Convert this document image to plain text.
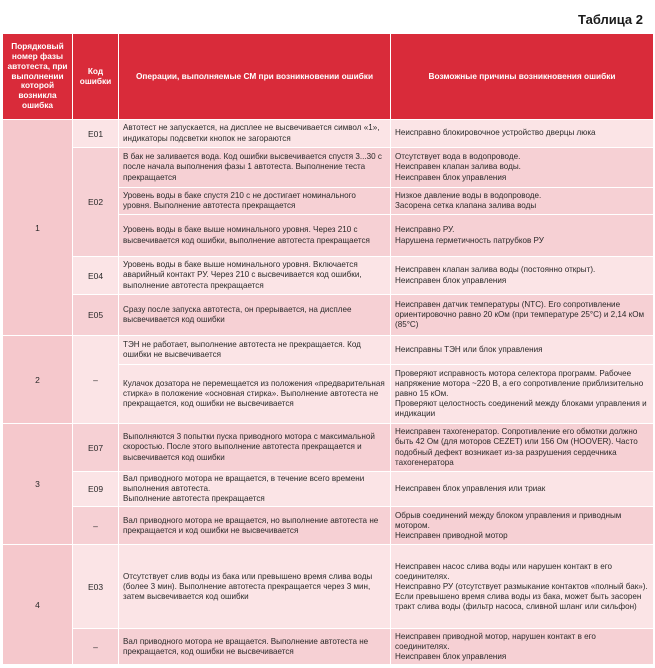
Таблица 2
Порядковый номер фазы автотеста, при выполнении которой возникла ошибка	Код ошибки	Операции, выполняемые СМ при возникновении ошибки	Возможные причины возникновения ошибки
1	E01	Автотест не запускается, на дисплее не высвечивается символ «1», индикаторы подсветки кнопок не загораются	Неисправно блокировочное устройство дверцы люка

	E02	В бак не заливается вода. Код ошибки высвечивается спустя 3...30 с после начала выполнения фазы 1 автотеста. Выполнение теста прекращается	Отсутствует вода в водопроводе.
Неисправен клапан залива воды.
Неисправен блок управления

		Уровень воды в баке спустя 210 с не достигает номинального уровня. Выполнение автотеста прекращается	Низкое давление воды в водопроводе.
Засорена сетка клапана залива воды

		Уровень воды в баке выше номинального уровня. Через 210 с высвечивается код ошибки, выполнение автотеста прекращается	Неисправно РУ.
Нарушена герметичность патрубков РУ

	E04	Уровень воды в баке выше номинального уровня. Включается аварийный контакт РУ. Через 210 с высвечивается код ошибки, выполнение автотеста прекращается	Неисправен клапан залива воды (постоянно открыт).
Неисправен блок управления

	E05	Сразу после запуска автотеста, он прерывается, на дисплее высвечивается код ошибки	Неисправен датчик температуры (NTC). Его сопротивление ориентировочно равно 20 кОм (при температуре 25°С) и 2,14 кОм (85°С)

2	–	ТЭН не работает, выполнение автотеста не прекращается. Код ошибки не высвечивается	Неисправны ТЭН или блок управления

		Кулачок дозатора не перемещается из положения «предварительная стирка» в положение «основная стирка». Выполнение автотеста не прекращается, код ошибки не высвечивается	Проверяют исправность мотора селектора программ. Рабочее напряжение мотора ~220 В, а его сопротивление приблизительно равно 15 кОм.
Проверяют целостность соединений между блоками управления и индикации

3	E07	Выполняются 3 попытки пуска приводного мотора с максимальной скоростью. После этого выполнение автотеста прекращается и высвечивается код ошибки	Неисправен тахогенератор. Сопротивление его обмотки должно быть 42 Ом (для моторов CEZET) или 156 Ом (HOOVER). Часто подобный дефект возникает из-за разрушения сердечника тахогенератора

	E09	Вал приводного мотора не вращается, в течение всего времени выполнения автотеста.
Выполнение автотеста прекращается	Неисправен блок управления или триак

	–	Вал приводного мотора не вращается, но выполнение автотеста не прекращается и код ошибки не высвечивается	Обрыв соединений между блоком управления и приводным мотором.
Неисправен приводной мотор

4	E03	Отсутствует слив воды из бака или превышено время слива воды (более 3 мин). Выполнение автотеста прекращается через 3 мин, затем высвечивается код ошибки	Неисправен насос слива воды или нарушен контакт в его соединителях.
Неисправно РУ (отсутствует размыкание контактов «полный бак»).
Если превышено время слива воды из бака, может быть засорен тракт слива воды (фильтр насоса, сливной шланг или сильфон)

	–	Вал приводного мотора не вращается. Выполнение автотеста не прекращается, код ошибки не высвечивается	Неисправен приводной мотор, нарушен контакт в его соединителях.
Неисправен блок управления
